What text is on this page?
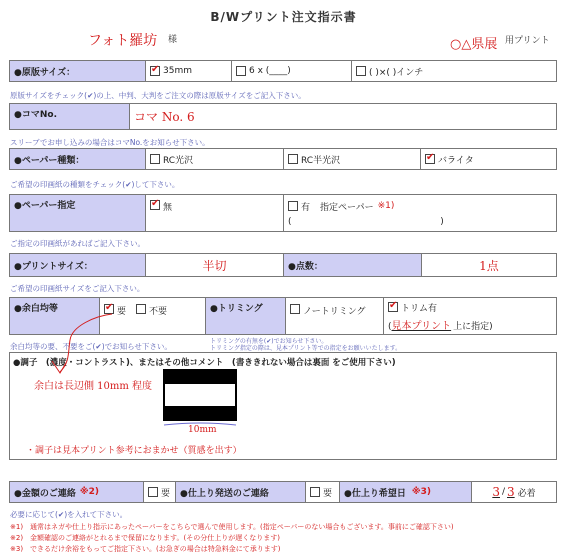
B/Wプリント注文指示書
フォト羅坊 様	○△県展 用プリント
●原版サイズ： ✔	35mm	6 x (____)	( )×( )インチ
原版サイズをチェック(✔)の上、中判、大判をご注文の際は原版サイズをご記入下さい。
●コマNo.	コマ No. 6
スリーブでお申し込みの場合はコマNo.をお知らせ下さい。
●ペーパー種類：	RC光沢	RC半光沢 ✔	バライタ
ご希望の印画紙の種類をチェック(✔)して下さい。
●ペーパー指定 ✔	無	有 指定ペーパー ※1)
(                                                    )
ご指定の印画紙があればご記入下さい。
●プリントサイズ：	半切	●点数：	1点
ご希望の印画紙サイズをご記入下さい。
●余白均等 ✔	要	不要	●トリミング	ノートリミング ✔	トリム有
(見本プリント 上に指定)
余白均等の要、不要をご(✔)でお知らせ下さい。
トリミングの有無を(✔)でお知らせ下さい。
トリミング指定の際は、見本プリント等での指定をお願いいたします。
●調子　(濃度・コントラスト)、またはその他コメント　(書ききれない場合は裏面 をご使用下さい)
余白は長辺側 10mm 程度
10mm
・調子は見本プリント参考におまかせ（質感を出す）
●金額のご連絡 ※2)	要	●仕上り発送のご連絡	要 ●仕上り希望日 ※3)	3 / 3 必着
必要に応じて(✔)を入れて下さい。
※1)　通常はネガや仕上り指示にあったペーパーをこちらで選んで使用します。(指定ペーパーのない場合もございます。事前にご確認下さい)
※2)　金額確認のご連絡がとれるまで保留になります。(その分仕上りが遅くなります)
※3)　できるだけ余裕をもってご指定下さい。(お急ぎの場合は特急料金にて承ります)
